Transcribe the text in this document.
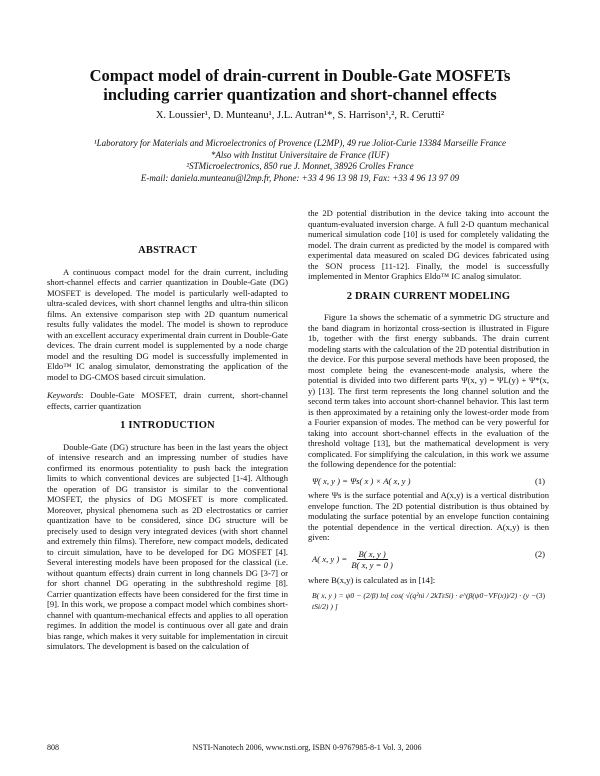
Compact model of drain-current in Double-Gate MOSFETs
including carrier quantization and short-channel effects
X. Loussier¹, D. Munteanu¹, J.L. Autran¹*, S. Harrison¹,², R. Cerutti²
¹Laboratory for Materials and Microelectronics of Provence (L2MP), 49 rue Joliot-Curie 13384 Marseille France
*Also with Institut Universitaire de France (IUF)
²STMicroelectronics, 850 rue J. Monnet, 38926 Crolles France
E-mail: daniela.munteanu@l2mp.fr, Phone: +33 4 96 13 98 19, Fax: +33 4 96 13 97 09
ABSTRACT

A continuous compact model for the drain current, including short-channel effects and carrier quantization in Double-Gate (DG) MOSFET is developed. The model is particularly well-adapted to ultra-scaled devices, with short channel lengths and ultra-thin silicon films. An extensive comparison step with 2D quantum numerical results fully validates the model. The model is shown to reproduce with an excellent accuracy experimental drain current in Double-Gate devices. The drain current model is supplemented by a node charge model and the resulting DG model is successfully implemented in Eldo™ IC analog simulator, demonstrating the application of the model to DG-CMOS based circuit simulation.

Keywords: Double-Gate MOSFET, drain current, short-channel effects, carrier quantization

1 INTRODUCTION

Double-Gate (DG) structure has been in the last years the object of intensive research and an impressing number of studies have confirmed its enormous potentiality to push back the integration limits to which conventional devices are subjected [1-4]. Although the operation of DG transistor is similar to the conventional MOSFET, the physics of DG MOSFET is more complicated. Moreover, physical phenomena such as 2D electrostatics or carrier quantization have to be considered, since DG structure will be precisely used to design very integrated devices (with short channel and extremely thin films). Therefore, new compact models, dedicated to circuit simulation, have to be developed for DG MOSFET [4]. Several interesting models have been proposed for the classical (i.e. without quantum effects) drain current in long channels DG [3-7] or for short channel DG operating in the subthreshold regime [8]. Carrier quantization effects have been considered for the first time in [9]. In this work, we propose a compact model which combines short-channel with quantum-mechanical effects and applies to all operation regimes. In addition the model is continuous over all gate and drain bias range, which makes it very suitable for implementation in circuit simulators. The development is based on the calculation of

the 2D potential distribution in the device taking into account the quantum-evaluated inversion charge. A full 2-D quantum mechanical numerical simulation code [10] is used for completely validating the model. The drain current as predicted by the model is compared with experimental data measured on scaled DG devices fabricated using the SON process [11-12]. Finally, the model is successfully implemented in Mentor Graphics Eldo™ IC analog simulator.

2 DRAIN CURRENT MODELING

Figure 1a shows the schematic of a symmetric DG structure and the band diagram in horizontal cross-section is illustrated in Figure 1b, together with the first energy subbands. The drain current modeling starts with the calculation of the 2D potential distribution in the device. For this purpose several methods have been proposed, the most complete being the evanescent-mode analysis, where the potential is divided into two different parts Ψ(x, y) = ΨL(y) + Ψ*(x, y) [13]. The first term represents the long channel solution and the second term takes into account short-channel behavior. This last term is then approximated by a retaining only the lowest-order mode from a Fourier expansion of modes. The method can be very powerful for taking into account short-channel effects in the evaluation of the threshold voltage [13], but the mathematical development is very complicated. For simplifying the calculation, in this work we assume the following dependence for the potential:

Ψ( x, y ) = Ψs( x ) × A( x, y )	(1)

where Ψs is the surface potential and A(x,y) is a vertical distribution envelope function. The 2D potential distribution is thus obtained by modulating the surface potential by an envelope function containing the potential dependence in the vertical direction. A(x,y) is then given:

A( x, y ) = $\frac{B( x, y )}{B( x, y = 0 )}$	(2)

where B(x,y) is calculated as in [14]:

B( x, y ) = ψ0 − (2/β) ln[ cos( √(q²ni / 2kTεSi) · e^(β(ψ0−VF(x))/2) · (y − tSi/2) ) ]
(3)
808	NSTI-Nanotech 2006, www.nsti.org, ISBN 0-9767985-8-1 Vol. 3, 2006
